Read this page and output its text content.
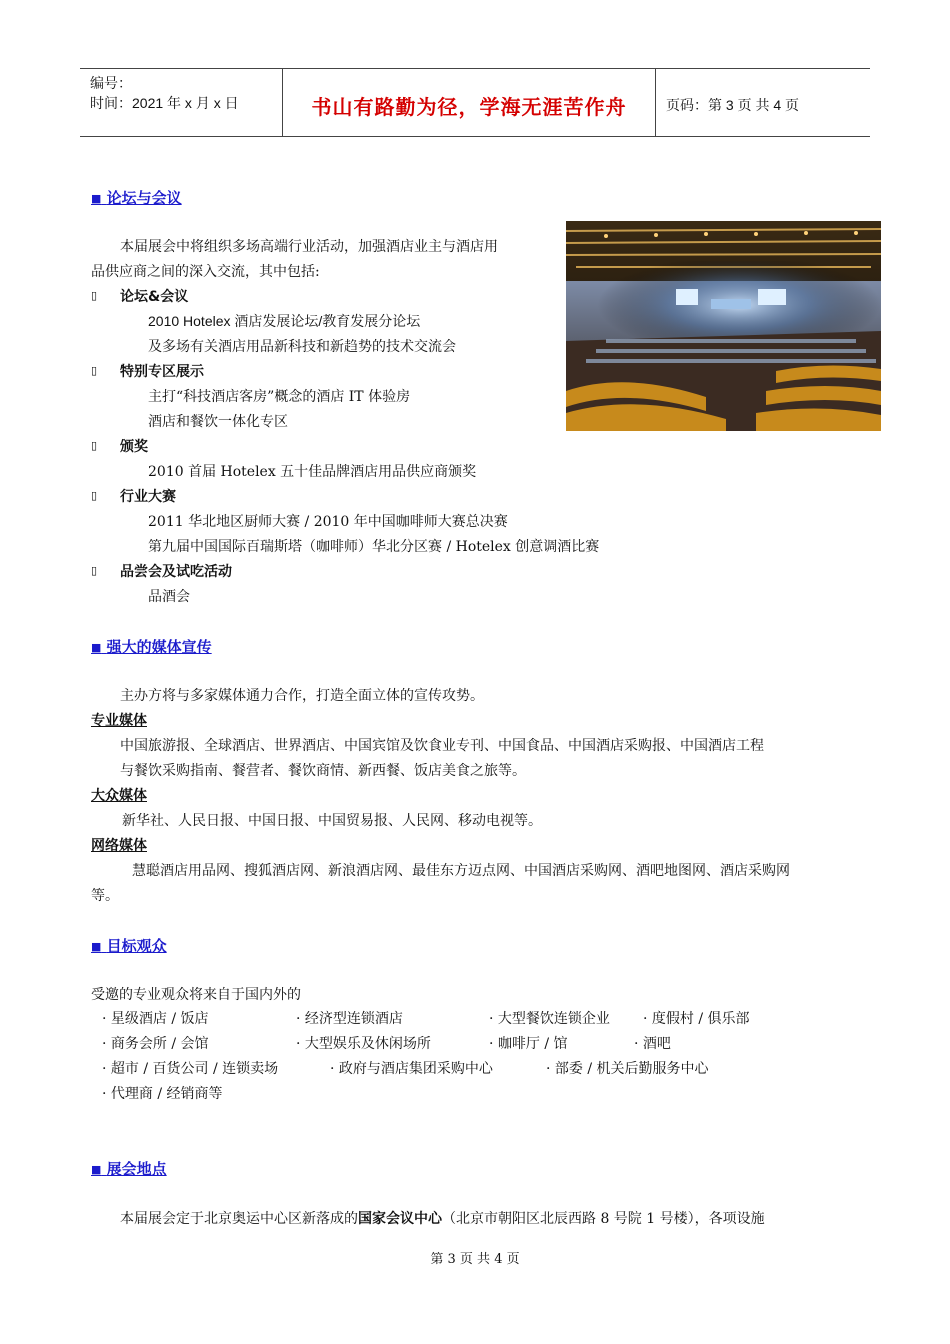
编号：
时间：2021 年 x 月 x 日	书山有路勤为径，学海无涯苦作舟	页码：第 3 页 共 4 页
■ 论坛与会议
本届展会中将组织多场高端行业活动，加强酒店业主与酒店用
品供应商之间的深入交流，其中包括:
▯ 论坛&会议
2010 Hotelex 酒店发展论坛/教育发展分论坛
及多场有关酒店用品新科技和新趋势的技术交流会
▯ 特别专区展示
主打“科技酒店客房”概念的酒店 IT 体验房
酒店和餐饮一体化专区
▯ 颁奖
2010 首届 Hotelex 五十佳品牌酒店用品供应商颁奖
▯ 行业大赛
2011 华北地区厨师大赛 / 2010 年中国咖啡师大赛总决赛
第九届中国国际百瑞斯塔（咖啡师）华北分区赛 / Hotelex 创意调酒比赛
▯ 品尝会及试吃活动
品酒会
■ 强大的媒体宣传
主办方将与多家媒体通力合作，打造全面立体的宣传攻势。
专业媒体
中国旅游报、全球酒店、世界酒店、中国宾馆及饮食业专刊、中国食品、中国酒店采购报、中国酒店工程
与餐饮采购指南、餐营者、餐饮商情、新西餐、饭店美食之旅等。
大众媒体
新华社、人民日报、中国日报、中国贸易报、人民网、移动电视等。
网络媒体
慧聪酒店用品网、搜狐酒店网、新浪酒店网、最佳东方迈点网、中国酒店采购网、酒吧地图网、酒店采购网
等。
■ 目标观众
受邀的专业观众将来自于国内外的
· 星级酒店 / 饭店	· 经济型连锁酒店	· 大型餐饮连锁企业 · 度假村 / 俱乐部
· 商务会所 / 会馆	· 大型娱乐及休闲场所	· 咖啡厅 / 馆	· 酒吧
· 超市 / 百货公司 / 连锁卖场	· 政府与酒店集团采购中心	· 部委 / 机关后勤服务中心
· 代理商 / 经销商等
■ 展会地点
本届展会定于北京奥运中心区新落成的国家会议中心（北京市朝阳区北辰西路 8 号院 1 号楼），各项设施
第 3 页 共 4 页
